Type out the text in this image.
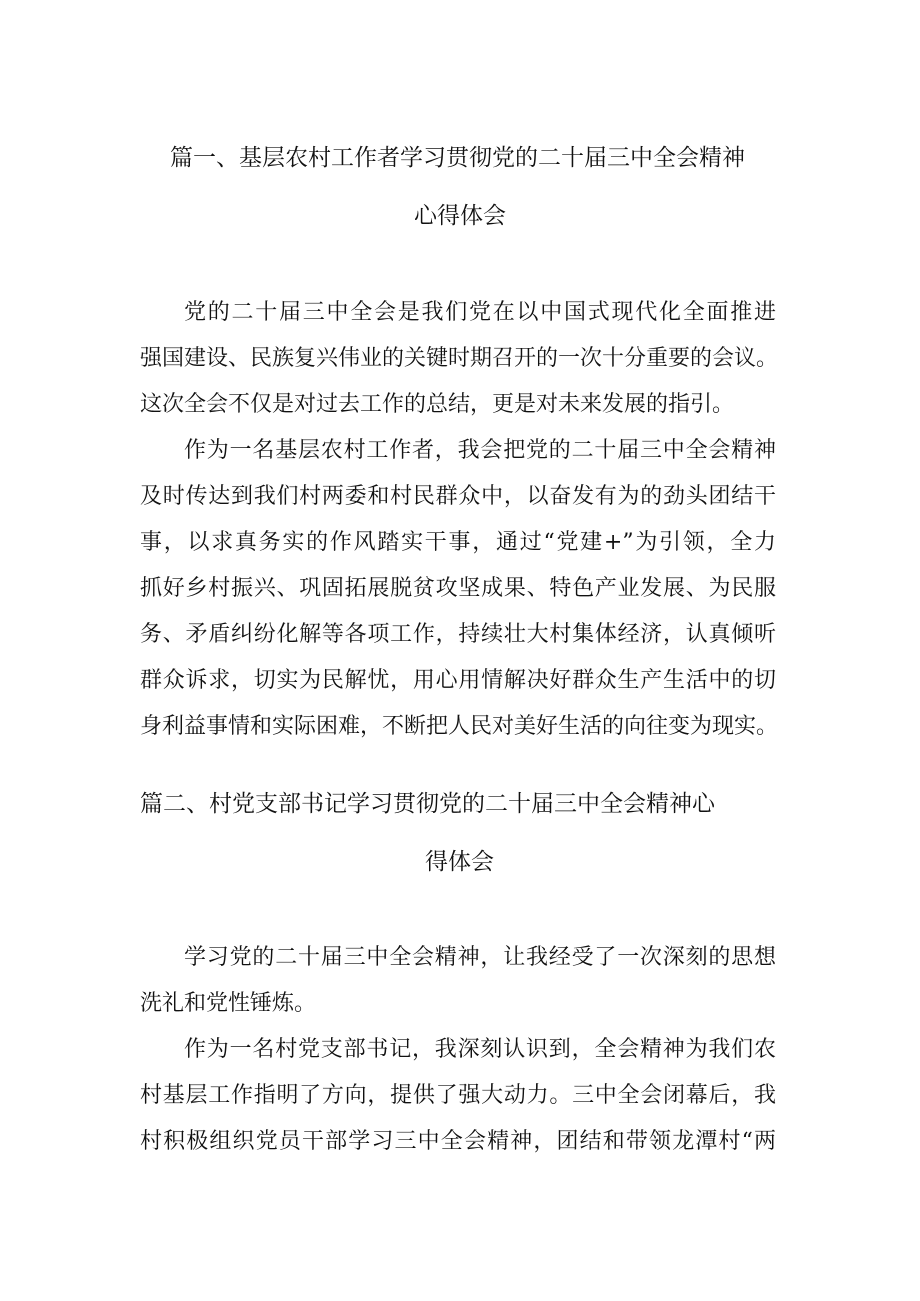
篇一、基层农村工作者学习贯彻党的二十届三中全会精神
心得体会
党的二十届三中全会是我们党在以中国式现代化全面推进
强国建设、民族复兴伟业的关键时期召开的一次十分重要的会议。
这次全会不仅是对过去工作的总结，更是对未来发展的指引。
作为一名基层农村工作者，我会把党的二十届三中全会精神
及时传达到我们村两委和村民群众中，以奋发有为的劲头团结干
事，以求真务实的作风踏实干事，通过“党建+”为引领，全力
抓好乡村振兴、巩固拓展脱贫攻坚成果、特色产业发展、为民服
务、矛盾纠纷化解等各项工作，持续壮大村集体经济，认真倾听
群众诉求，切实为民解忧，用心用情解决好群众生产生活中的切
身利益事情和实际困难，不断把人民对美好生活的向往变为现实。
篇二、村党支部书记学习贯彻党的二十届三中全会精神心
得体会
学习党的二十届三中全会精神，让我经受了一次深刻的思想
洗礼和党性锤炼。
作为一名村党支部书记，我深刻认识到，全会精神为我们农
村基层工作指明了方向，提供了强大动力。三中全会闭幕后，我
村积极组织党员干部学习三中全会精神，团结和带领龙潭村“两
